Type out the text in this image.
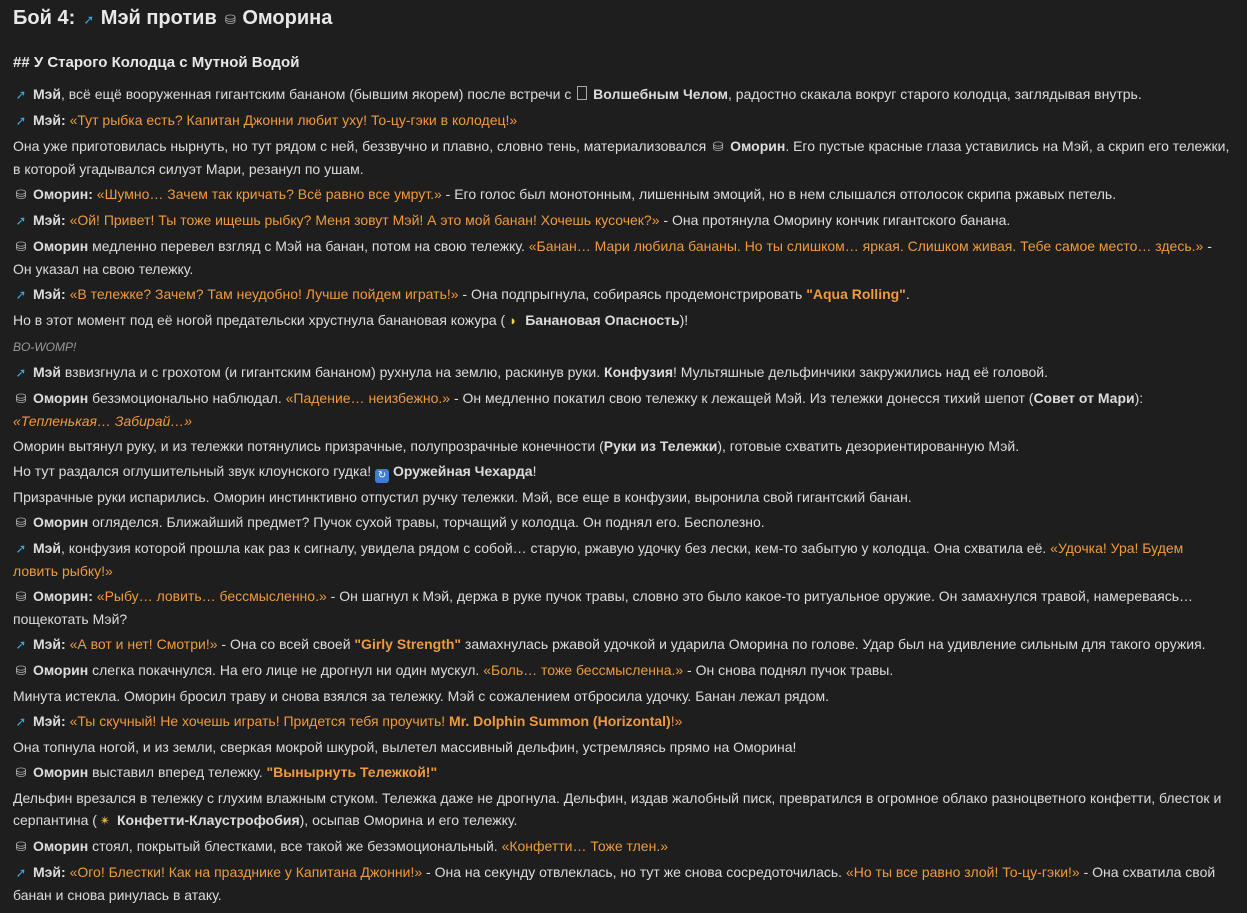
Бой 4: ➚ Мэй против ⛁ Оморина
## У Старого Колодца с Мутной Водой

➚ Мэй, всё ещё вооруженная гигантским бананом (бывшим якорем) после встречи с  Волшебным Челом, радостно скакала вокруг старого колодца, заглядывая внутрь.

➚ Мэй: «Тут рыбка есть? Капитан Джонни любит уху! То-цу-гэки в колодец!»

Она уже приготовилась нырнуть, но тут рядом с ней, беззвучно и плавно, словно тень, материализовался ⛁ Оморин. Его пустые красные глаза уставились на Мэй, а скрип его тележки, в которой угадывался силуэт Мари, резанул по ушам.

⛁ Оморин: «Шумно… Зачем так кричать? Всё равно все умрут.» - Его голос был монотонным, лишенным эмоций, но в нем слышался отголосок скрипа ржавых петель.

➚ Мэй: «Ой! Привет! Ты тоже ищешь рыбку? Меня зовут Мэй! А это мой банан! Хочешь кусочек?» - Она протянула Оморину кончик гигантского банана.

⛁ Оморин медленно перевел взгляд с Мэй на банан, потом на свою тележку. «Банан… Мари любила бананы. Но ты слишком… яркая. Слишком живая. Тебе самое место… здесь.» - Он указал на свою тележку.

➚ Мэй: «В тележке? Зачем? Там неудобно! Лучше пойдем играть!» - Она подпрыгнула, собираясь продемонстрировать "Aqua Rolling".

Но в этот момент под её ногой предательски хрустнула банановая кожура ( ◗ Банановая Опасность)!

BO-WOMP!

➚ Мэй взвизгнула и с грохотом (и гигантским бананом) рухнула на землю, раскинув руки. Конфузия! Мультяшные дельфинчики закружились над её головой.

⛁ Оморин безэмоционально наблюдал. «Падение… неизбежно.» - Он медленно покатил свою тележку к лежащей Мэй. Из тележки донесся тихий шепот (Совет от Мари): «Тепленькая… Забирай…»

Оморин вытянул руку, и из тележки потянулись призрачные, полупрозрачные конечности (Руки из Тележки), готовые схватить дезориентированную Мэй.

Но тут раздался оглушительный звук клоунского гудка! ↻ Оружейная Чехарда!

Призрачные руки испарились. Оморин инстинктивно отпустил ручку тележки. Мэй, все еще в конфузии, выронила свой гигантский банан.

⛁ Оморин огляделся. Ближайший предмет? Пучок сухой травы, торчащий у колодца. Он поднял его. Бесполезно.

➚ Мэй, конфузия которой прошла как раз к сигналу, увидела рядом с собой… старую, ржавую удочку без лески, кем-то забытую у колодца. Она схватила её. «Удочка! Ура! Будем ловить рыбку!»

⛁ Оморин: «Рыбу… ловить… бессмысленно.» - Он шагнул к Мэй, держа в руке пучок травы, словно это было какое-то ритуальное оружие. Он замахнулся травой, намереваясь… пощекотать Мэй?

➚ Мэй: «А вот и нет! Смотри!» - Она со всей своей "Girly Strength" замахнулась ржавой удочкой и ударила Оморина по голове. Удар был на удивление сильным для такого оружия.

⛁ Оморин слегка покачнулся. На его лице не дрогнул ни один мускул. «Боль… тоже бессмысленна.» - Он снова поднял пучок травы.

Минута истекла. Оморин бросил траву и снова взялся за тележку. Мэй с сожалением отбросила удочку. Банан лежал рядом.

➚ Мэй: «Ты скучный! Не хочешь играть! Придется тебя проучить! Mr. Dolphin Summon (Horizontal)!»

Она топнула ногой, и из земли, сверкая мокрой шкурой, вылетел массивный дельфин, устремляясь прямо на Оморина!

⛁ Оморин выставил вперед тележку. "Вынырнуть Тележкой!"

Дельфин врезался в тележку с глухим влажным стуком. Тележка даже не дрогнула. Дельфин, издав жалобный писк, превратился в огромное облако разноцветного конфетти, блесток и серпантина ( ✴ Конфетти-Клаустрофобия), осыпав Оморина и его тележку.

⛁ Оморин стоял, покрытый блестками, все такой же безэмоциональный. «Конфетти… Тоже тлен.»

➚ Мэй: «Ого! Блестки! Как на празднике у Капитана Джонни!» - Она на секунду отвлеклась, но тут же снова сосредоточилась. «Но ты все равно злой! То-цу-гэки!» - Она схватила свой банан и снова ринулась в атаку.
